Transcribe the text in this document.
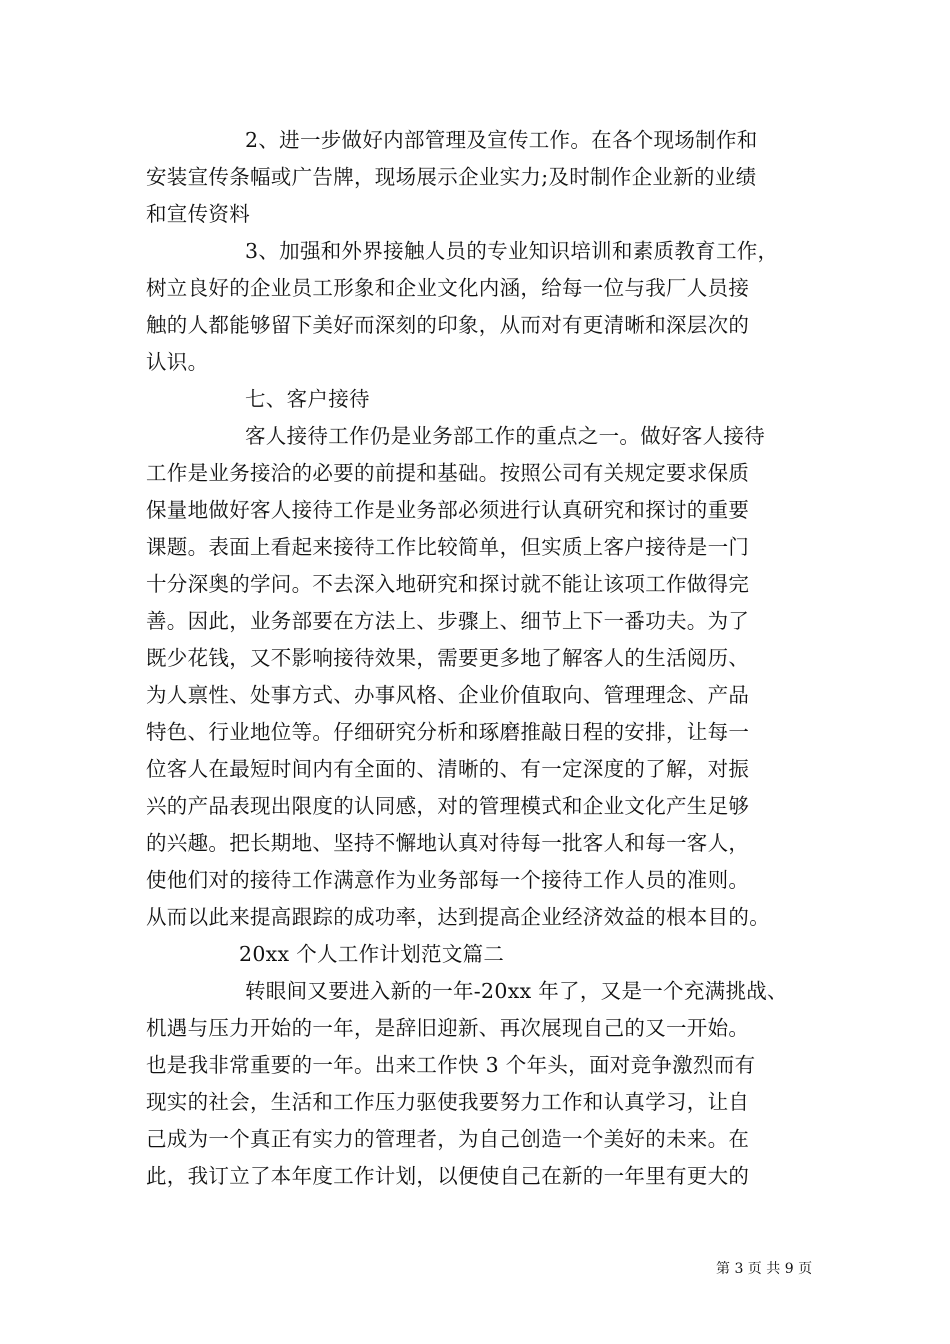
2、进一步做好内部管理及宣传工作。在各个现场制作和
安装宣传条幅或广告牌，现场展示企业实力;及时制作企业新的业绩
和宣传资料
3、加强和外界接触人员的专业知识培训和素质教育工作，
树立良好的企业员工形象和企业文化内涵，给每一位与我厂人员接
触的人都能够留下美好而深刻的印象，从而对有更清晰和深层次的
认识。
七、客户接待
客人接待工作仍是业务部工作的重点之一。做好客人接待
工作是业务接洽的必要的前提和基础。按照公司有关规定要求保质
保量地做好客人接待工作是业务部必须进行认真研究和探讨的重要
课题。表面上看起来接待工作比较简单，但实质上客户接待是一门
十分深奥的学问。不去深入地研究和探讨就不能让该项工作做得完
善。因此，业务部要在方法上、步骤上、细节上下一番功夫。为了
既少花钱，又不影响接待效果，需要更多地了解客人的生活阅历、
为人禀性、处事方式、办事风格、企业价值取向、管理理念、产品
特色、行业地位等。仔细研究分析和琢磨推敲日程的安排，让每一
位客人在最短时间内有全面的、清晰的、有一定深度的了解，对振
兴的产品表现出限度的认同感，对的管理模式和企业文化产生足够
的兴趣。把长期地、坚持不懈地认真对待每一批客人和每一客人，
使他们对的接待工作满意作为业务部每一个接待工作人员的准则。
从而以此来提高跟踪的成功率，达到提高企业经济效益的根本目的。
20xx 个人工作计划范文篇二
转眼间又要进入新的一年-20xx 年了，又是一个充满挑战、
机遇与压力开始的一年，是辞旧迎新、再次展现自己的又一开始。
也是我非常重要的一年。出来工作快 3 个年头，面对竞争激烈而有
现实的社会，生活和工作压力驱使我要努力工作和认真学习，让自
己成为一个真正有实力的管理者，为自己创造一个美好的未来。在
此，我订立了本年度工作计划，以便使自己在新的一年里有更大的
第 3 页 共 9 页
